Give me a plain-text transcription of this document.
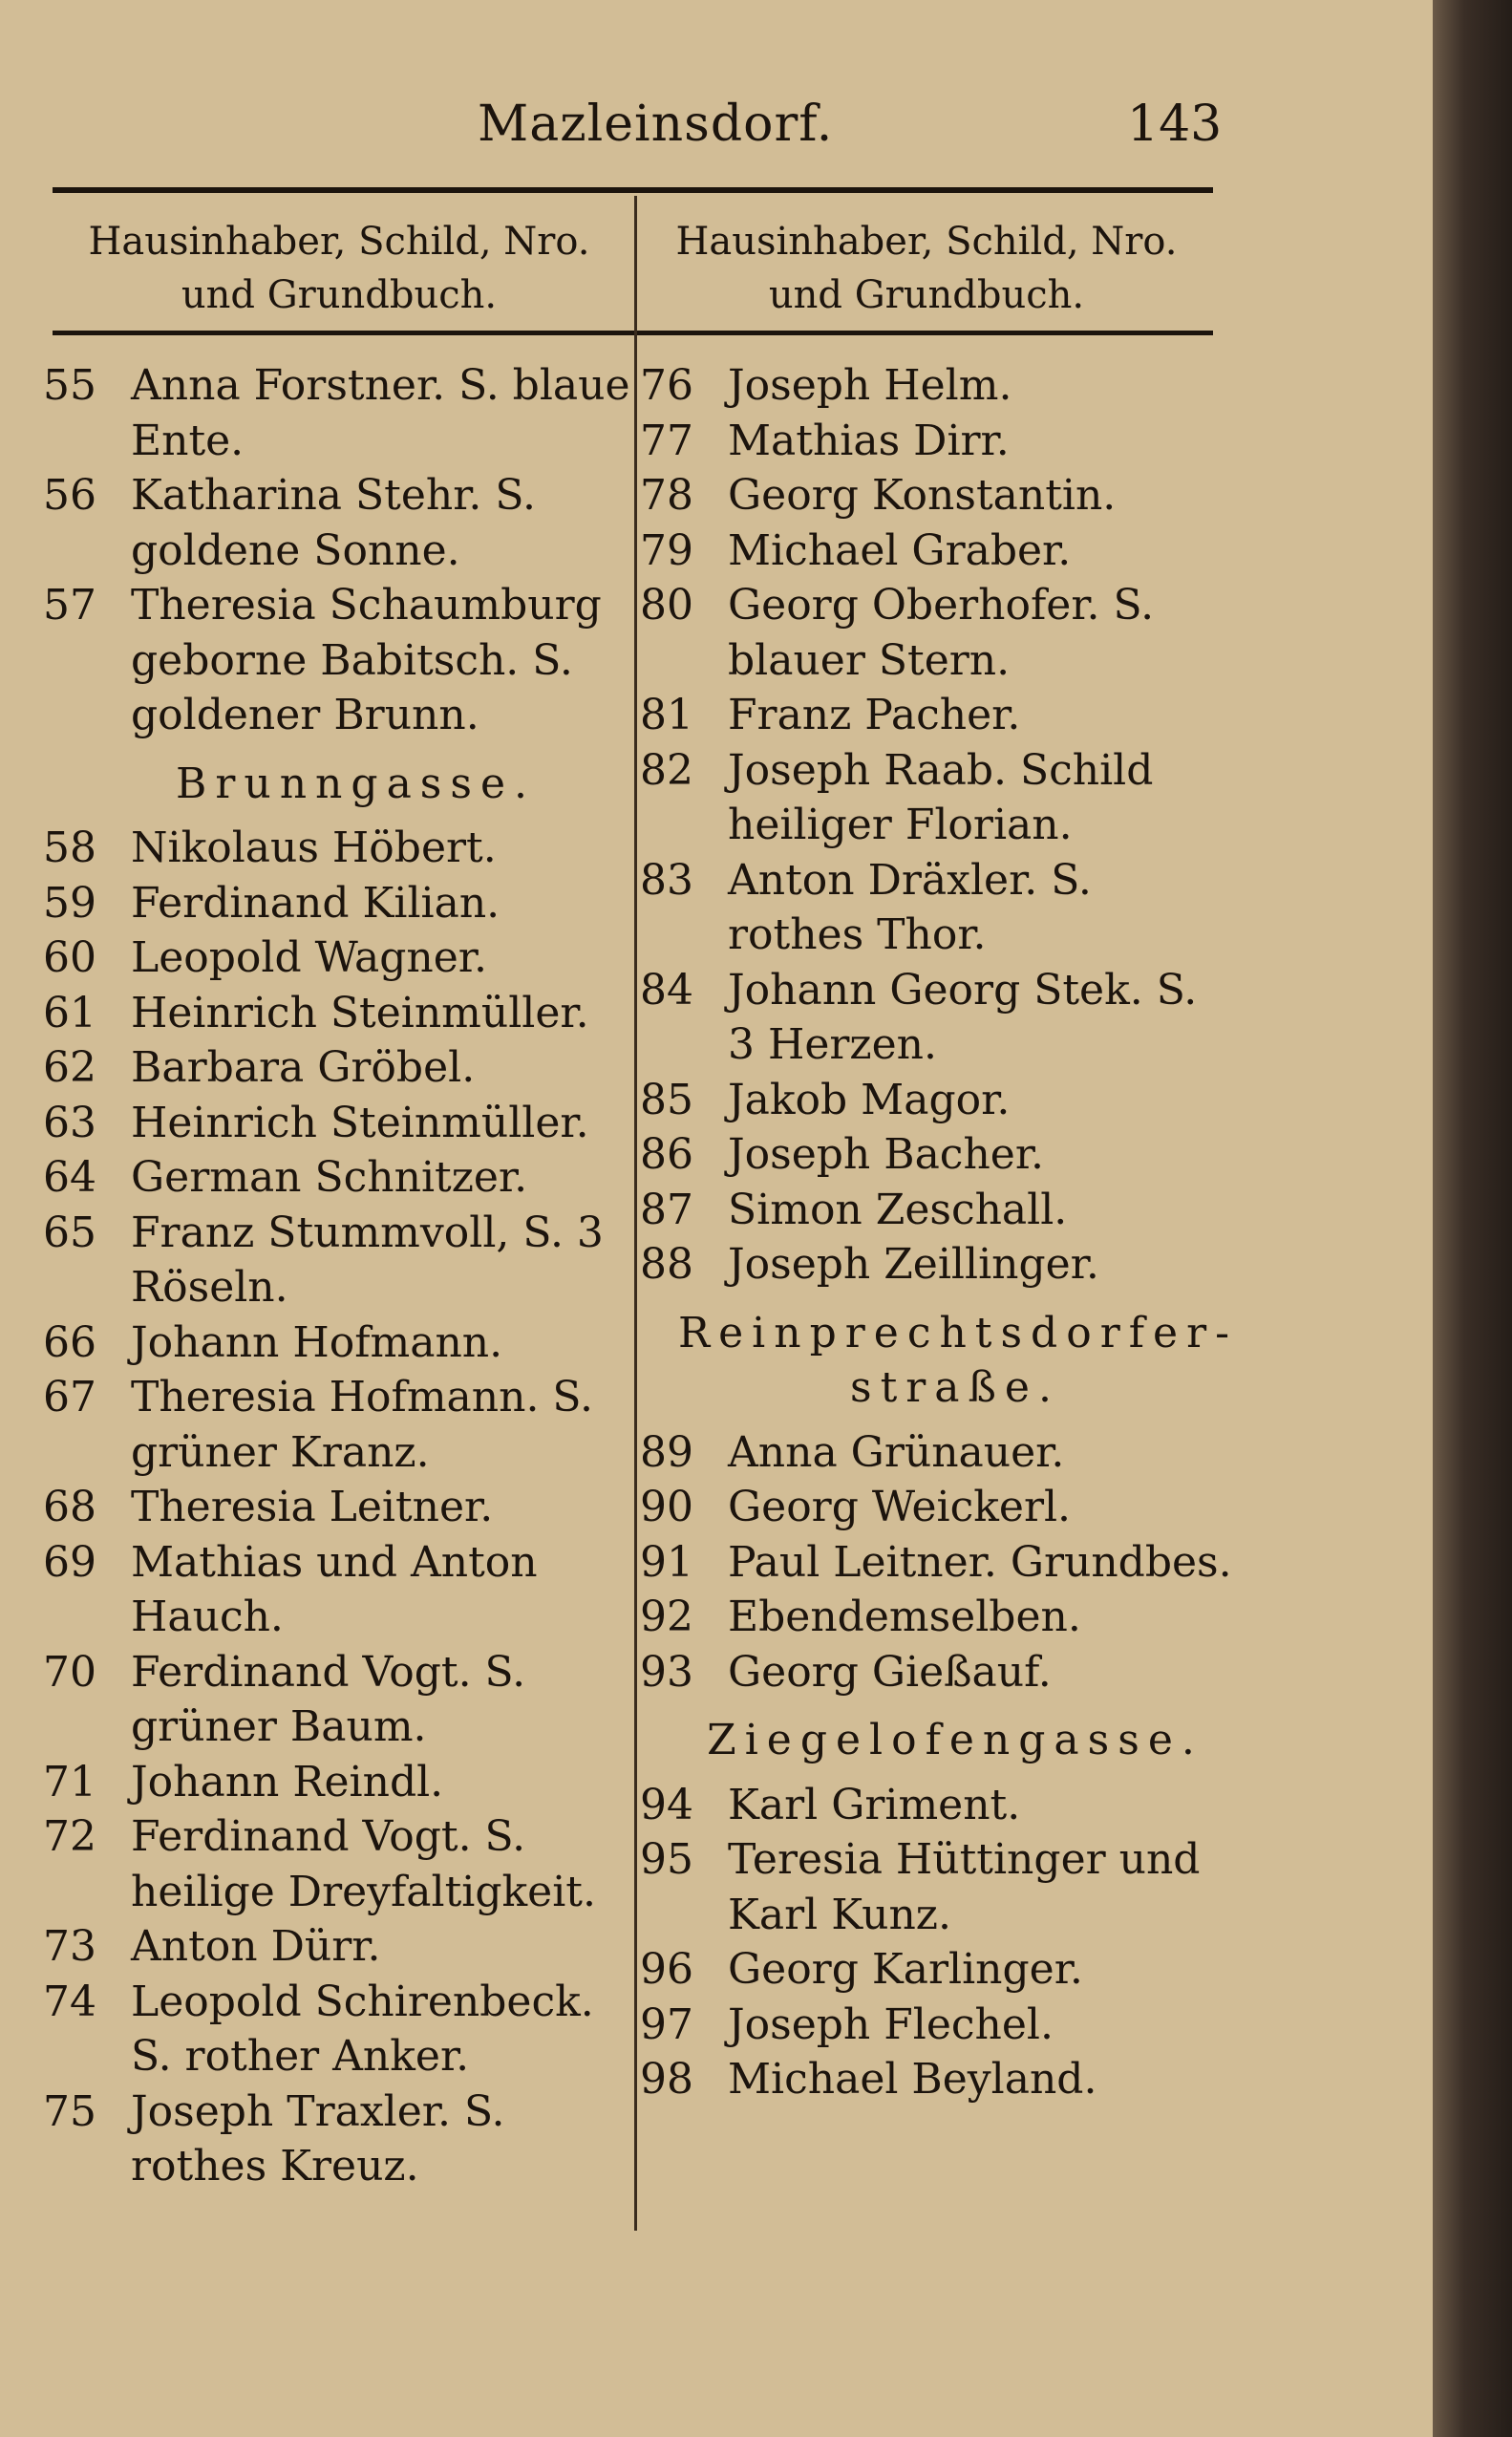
Mazleinsdorf.	143
Hausinhaber, Schild, Nro. und Grundbuch.
Hausinhaber, Schild, Nro. und Grundbuch.
55 Anna Forstner. S. blaue Ente.
56 Katharina Stehr. S. goldene Sonne.
57 Theresia Schaumburg geborne Babitsch. S. goldener Brunn.
Brunngasse.
58 Nikolaus Höbert.
59 Ferdinand Kilian.
60 Leopold Wagner.
61 Heinrich Steinmüller.
62 Barbara Gröbel.
63 Heinrich Steinmüller.
64 German Schnitzer.
65 Franz Stummvoll, S. 3 Röseln.
66 Johann Hofmann.
67 Theresia Hofmann. S. grüner Kranz.
68 Theresia Leitner.
69 Mathias und Anton Hauch.
70 Ferdinand Vogt. S. grüner Baum.
71 Johann Reindl.
72 Ferdinand Vogt. S. heilige Dreyfaltigkeit.
73 Anton Dürr.
74 Leopold Schirenbeck. S. rother Anker.
75 Joseph Traxler. S. rothes Kreuz.
76 Joseph Helm.
77 Mathias Dirr.
78 Georg Konstantin.
79 Michael Graber.
80 Georg Oberhofer. S. blauer Stern.
81 Franz Pacher.
82 Joseph Raab. Schild heiliger Florian.
83 Anton Dräxler. S. rothes Thor.
84 Johann Georg Stek. S. 3 Herzen.
85 Jakob Magor.
86 Joseph Bacher.
87 Simon Zeschall.
88 Joseph Zeillinger.
Reinprechtsdorfer-straße.
89 Anna Grünauer.
90 Georg Weickerl.
91 Paul Leitner. Grundbes.
92 Ebendemselben.
93 Georg Gießauf.
Ziegelofengasse.
94 Karl Griment.
95 Teresia Hüttinger und Karl Kunz.
96 Georg Karlinger.
97 Joseph Flechel.
98 Michael Beyland.
